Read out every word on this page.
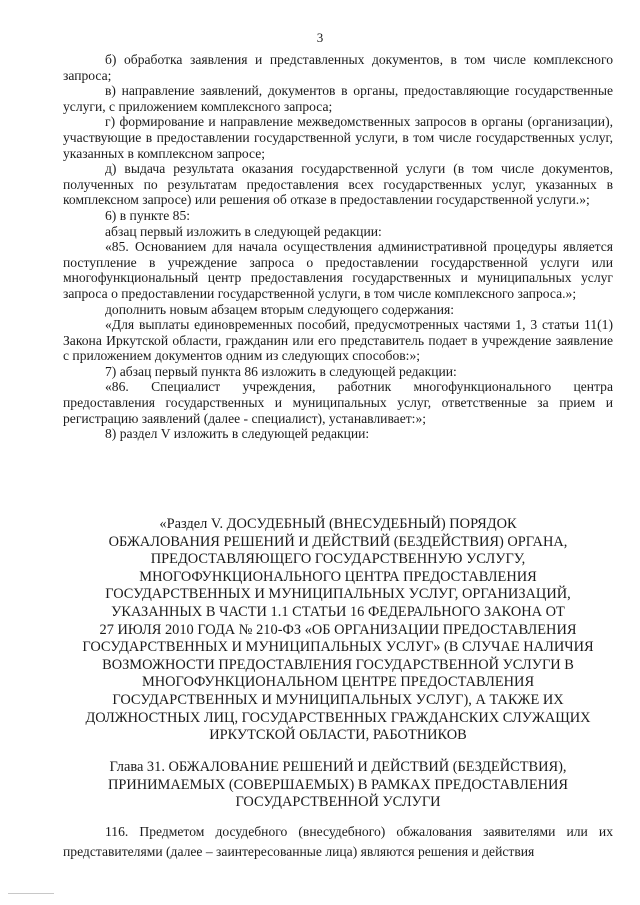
3

б) обработка заявления и представленных документов, в том числе комплексного запроса;

в) направление заявлений, документов в органы, предоставляющие государственные услуги, с приложением комплексного запроса;

г) формирование и направление межведомственных запросов в органы (организации), участвующие в предоставлении государственной услуги, в том числе государственных услуг, указанных в комплексном запросе;

д) выдача результата оказания государственной услуги (в том числе документов, полученных по результатам предоставления всех государственных услуг, указанных в комплексном запросе) или решения об отказе в предоставлении государственной услуги.»;

6) в пункте 85:

абзац первый изложить в следующей редакции:

«85. Основанием для начала осуществления административной процедуры является поступление в учреждение запроса о предоставлении государственной услуги или многофункциональный центр предоставления государственных и муниципальных услуг запроса о предоставлении государственной услуги, в том числе комплексного запроса.»;

дополнить новым абзацем вторым следующего содержания:

«Для выплаты единовременных пособий, предусмотренных частями 1, 3 статьи 11(1) Закона Иркутской области, гражданин или его представитель подает в учреждение заявление с приложением документов одним из следующих способов:»;

7) абзац первый пункта 86 изложить в следующей редакции:

«86. Специалист учреждения, работник многофункционального центра предоставления государственных и муниципальных услуг, ответственные за прием и регистрацию заявлений (далее - специалист), устанавливает:»;

8) раздел V изложить в следующей редакции:

«Раздел V. ДОСУДЕБНЫЙ (ВНЕСУДЕБНЫЙ) ПОРЯДОК

ОБЖАЛОВАНИЯ РЕШЕНИЙ И ДЕЙСТВИЙ (БЕЗДЕЙСТВИЯ) ОРГАНА,

ПРЕДОСТАВЛЯЮЩЕГО ГОСУДАРСТВЕННУЮ УСЛУГУ,

МНОГОФУНКЦИОНАЛЬНОГО ЦЕНТРА ПРЕДОСТАВЛЕНИЯ

ГОСУДАРСТВЕННЫХ И МУНИЦИПАЛЬНЫХ УСЛУГ, ОРГАНИЗАЦИЙ,

УКАЗАННЫХ В ЧАСТИ 1.1 СТАТЬИ 16 ФЕДЕРАЛЬНОГО ЗАКОНА ОТ

27 ИЮЛЯ 2010 ГОДА № 210-ФЗ «ОБ ОРГАНИЗАЦИИ ПРЕДОСТАВЛЕНИЯ

ГОСУДАРСТВЕННЫХ И МУНИЦИПАЛЬНЫХ УСЛУГ» (В СЛУЧАЕ НАЛИЧИЯ

ВОЗМОЖНОСТИ ПРЕДОСТАВЛЕНИЯ ГОСУДАРСТВЕННОЙ УСЛУГИ В

МНОГОФУНКЦИОНАЛЬНОМ ЦЕНТРЕ ПРЕДОСТАВЛЕНИЯ

ГОСУДАРСТВЕННЫХ И МУНИЦИПАЛЬНЫХ УСЛУГ), А ТАКЖЕ ИХ

ДОЛЖНОСТНЫХ ЛИЦ, ГОСУДАРСТВЕННЫХ ГРАЖДАНСКИХ СЛУЖАЩИХ

ИРКУТСКОЙ ОБЛАСТИ, РАБОТНИКОВ

Глава 31. ОБЖАЛОВАНИЕ РЕШЕНИЙ И ДЕЙСТВИЙ (БЕЗДЕЙСТВИЯ),

ПРИНИМАЕМЫХ (СОВЕРШАЕМЫХ) В РАМКАХ ПРЕДОСТАВЛЕНИЯ

ГОСУДАРСТВЕННОЙ УСЛУГИ

116. Предметом досудебного (внесудебного) обжалования заявителями или их представителями (далее – заинтересованные лица) являются решения и действия
